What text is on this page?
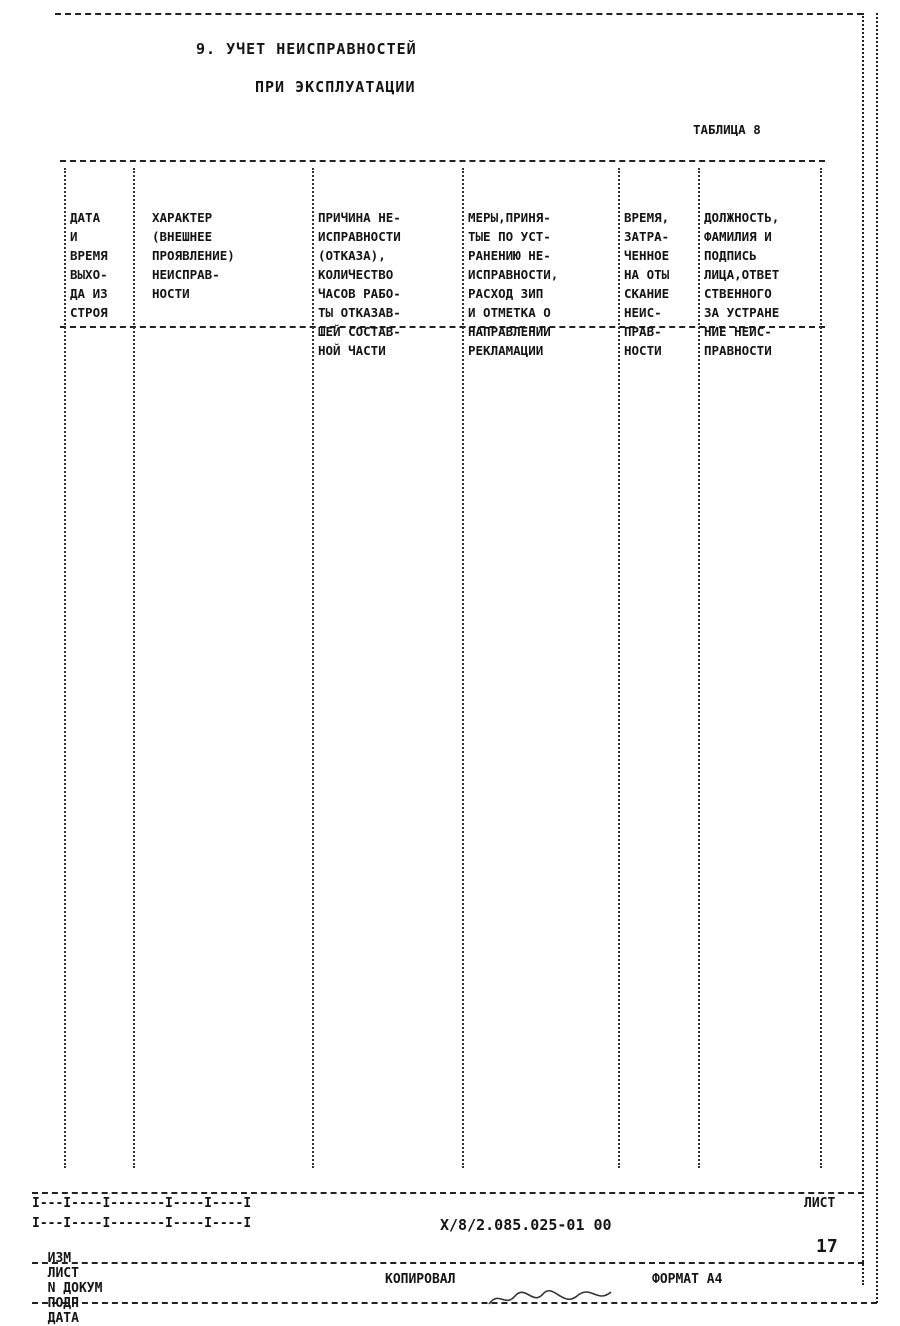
9. УЧЕТ НЕИСПРАВНОСТЕЙ
ПРИ ЭКСПЛУАТАЦИИ
ТАБЛИЦА 8

ДАТА
И
ВРЕМЯ
ВЫХО-
ДА ИЗ
СТРОЯ

ХАРАКТЕР
(ВНЕШНЕЕ
ПРОЯВЛЕНИЕ)
НЕИСПРАВ-
НОСТИ

ПРИЧИНА НЕ-
ИСПРАВНОСТИ
(ОТКАЗА),
КОЛИЧЕСТВО
ЧАСОВ РАБО-
ТЫ ОТКАЗАВ-
ШЕЙ СОСТАВ-
НОЙ ЧАСТИ

МЕРЫ,ПРИНЯ-
ТЫЕ ПО УСТ-
РАНЕНИЮ НЕ-
ИСПРАВНОСТИ,
РАСХОД ЗИП
И ОТМЕТКА О
НАПРАВЛЕНИИ
РЕКЛАМАЦИИ

ВРЕМЯ,
ЗАТРА-
ЧЕННОЕ
НА ОТЫ
СКАНИЕ
НЕИС-
ПРАВ-
НОСТИ

ДОЛЖНОСТЬ,
ФАМИЛИЯ И
ПОДПИСЬ
ЛИЦА,ОТВЕТ
СТВЕННОГО
ЗА УСТРАНЕ
НИЕ НЕИС-
ПРАВНОСТИ

I---I----I-------I----I----I
I---I----I-------I----I----I

ИЗМ
ЛИСТ
N ДОКУМ
ПОДП
ДАТА

Х/8/2.085.025-01 00
ЛИСТ
17
КОПИРОВАЛ

	ФОРМАТ А4
